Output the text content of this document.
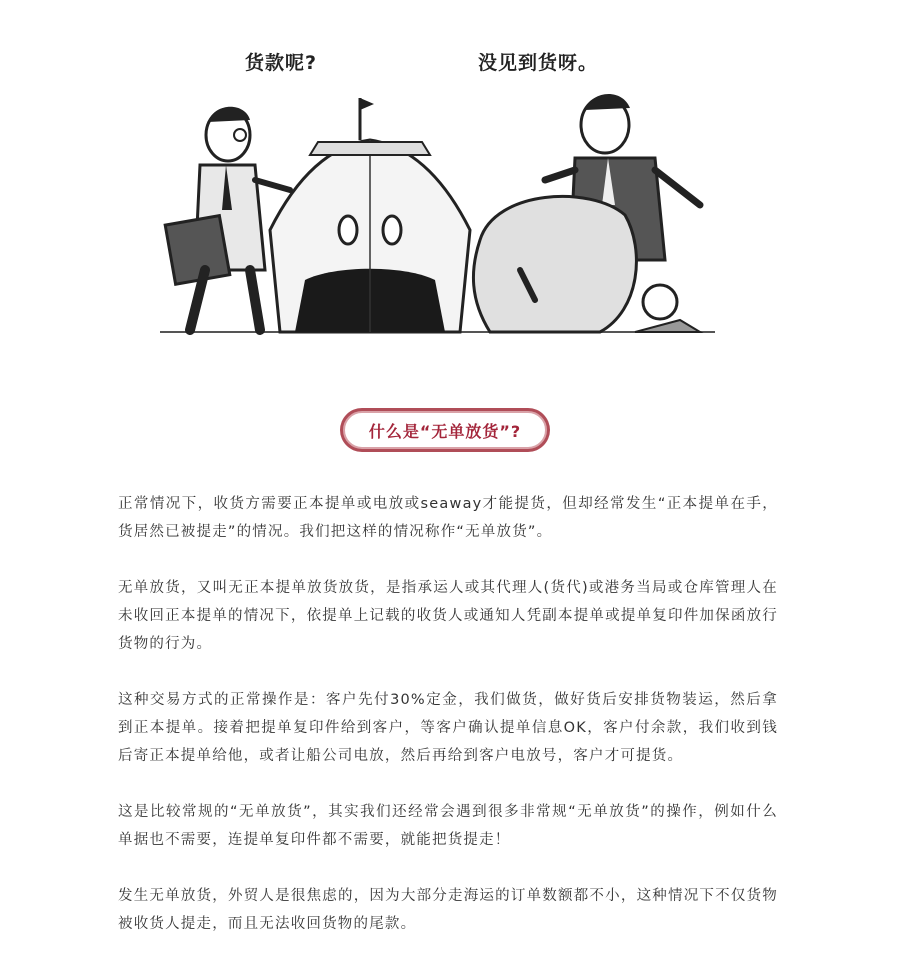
货款呢?	没见到货呀。
什么是“无单放货”?

正常情况下，收货方需要正本提单或电放或seaway才能提货，但却经常发生“正本提单在手，货居然已被提走”的情况。我们把这样的情况称作“无单放货”。

无单放货，又叫无正本提单放货放货，是指承运人或其代理人(货代)或港务当局或仓库管理人在未收回正本提单的情况下，依提单上记载的收货人或通知人凭副本提单或提单复印件加保函放行货物的行为。

这种交易方式的正常操作是：客户先付30%定金，我们做货，做好货后安排货物装运，然后拿到正本提单。接着把提单复印件给到客户，等客户确认提单信息OK，客户付余款，我们收到钱后寄正本提单给他，或者让船公司电放，然后再给到客户电放号，客户才可提货。

这是比较常规的“无单放货”，其实我们还经常会遇到很多非常规“无单放货”的操作，例如什么单据也不需要，连提单复印件都不需要，就能把货提走！

发生无单放货，外贸人是很焦虑的，因为大部分走海运的订单数额都不小，这种情况下不仅货物被收货人提走，而且无法收回货物的尾款。
